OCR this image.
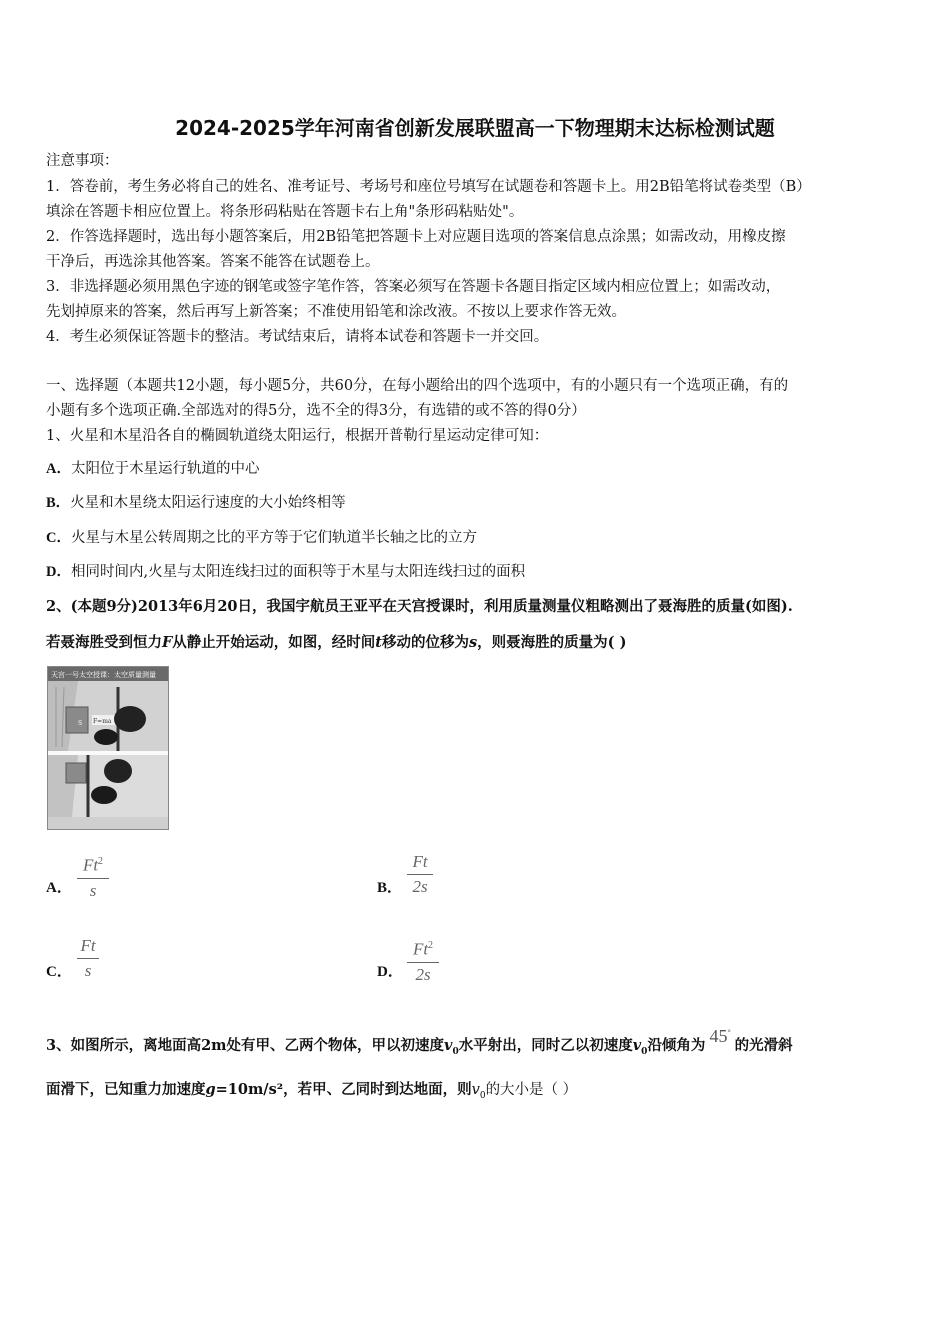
2024-2025学年河南省创新发展联盟高一下物理期末达标检测试题
注意事项：
1．答卷前，考生务必将自己的姓名、准考证号、考场号和座位号填写在试题卷和答题卡上。用2B铅笔将试卷类型（B）
填涂在答题卡相应位置上。将条形码粘贴在答题卡右上角"条形码粘贴处"。
2．作答选择题时，选出每小题答案后，用2B铅笔把答题卡上对应题目选项的答案信息点涂黑；如需改动，用橡皮擦
干净后，再选涂其他答案。答案不能答在试题卷上。
3．非选择题必须用黑色字迹的钢笔或签字笔作答，答案必须写在答题卡各题目指定区域内相应位置上；如需改动，
先划掉原来的答案，然后再写上新答案；不准使用铅笔和涂改液。不按以上要求作答无效。
4．考生必须保证答题卡的整洁。考试结束后，请将本试卷和答题卡一并交回。
一、选择题（本题共12小题，每小题5分，共60分，在每小题给出的四个选项中，有的小题只有一个选项正确，有的
小题有多个选项正确.全部选对的得5分，选不全的得3分，有选错的或不答的得0分）
1、火星和木星沿各自的椭圆轨道绕太阳运行，根据开普勒行星运动定律可知：
A．太阳位于木星运行轨道的中心
B．火星和木星绕太阳运行速度的大小始终相等
C．火星与木星公转周期之比的平方等于它们轨道半长轴之比的立方
D．相同时间内,火星与太阳连线扫过的面积等于木星与太阳连线扫过的面积
2、(本题9分)2013年6月20日，我国宇航员王亚平在天宫授课时，利用质量测量仪粗略测出了聂海胜的质量(如图).
若聂海胜受到恒力F从静止开始运动，如图，经时间t移动的位移为s，则聂海胜的质量为( )
天宫一号太空授课：太空质量测量
S F=ma
A．
Ft$^2$
s	B．
Ft
2s
C．
Ft
s	D．
Ft$^2$
2s
3、如图所示，离地面高2m处有甲、乙两个物体，甲以初速度$v_0$水平射出，同时乙以初速度$v_0$沿倾角为 45°的光滑斜
面滑下，已知重力加速度g=10m/s²，若甲、乙同时到达地面，则$v_0$的大小是（ ）
